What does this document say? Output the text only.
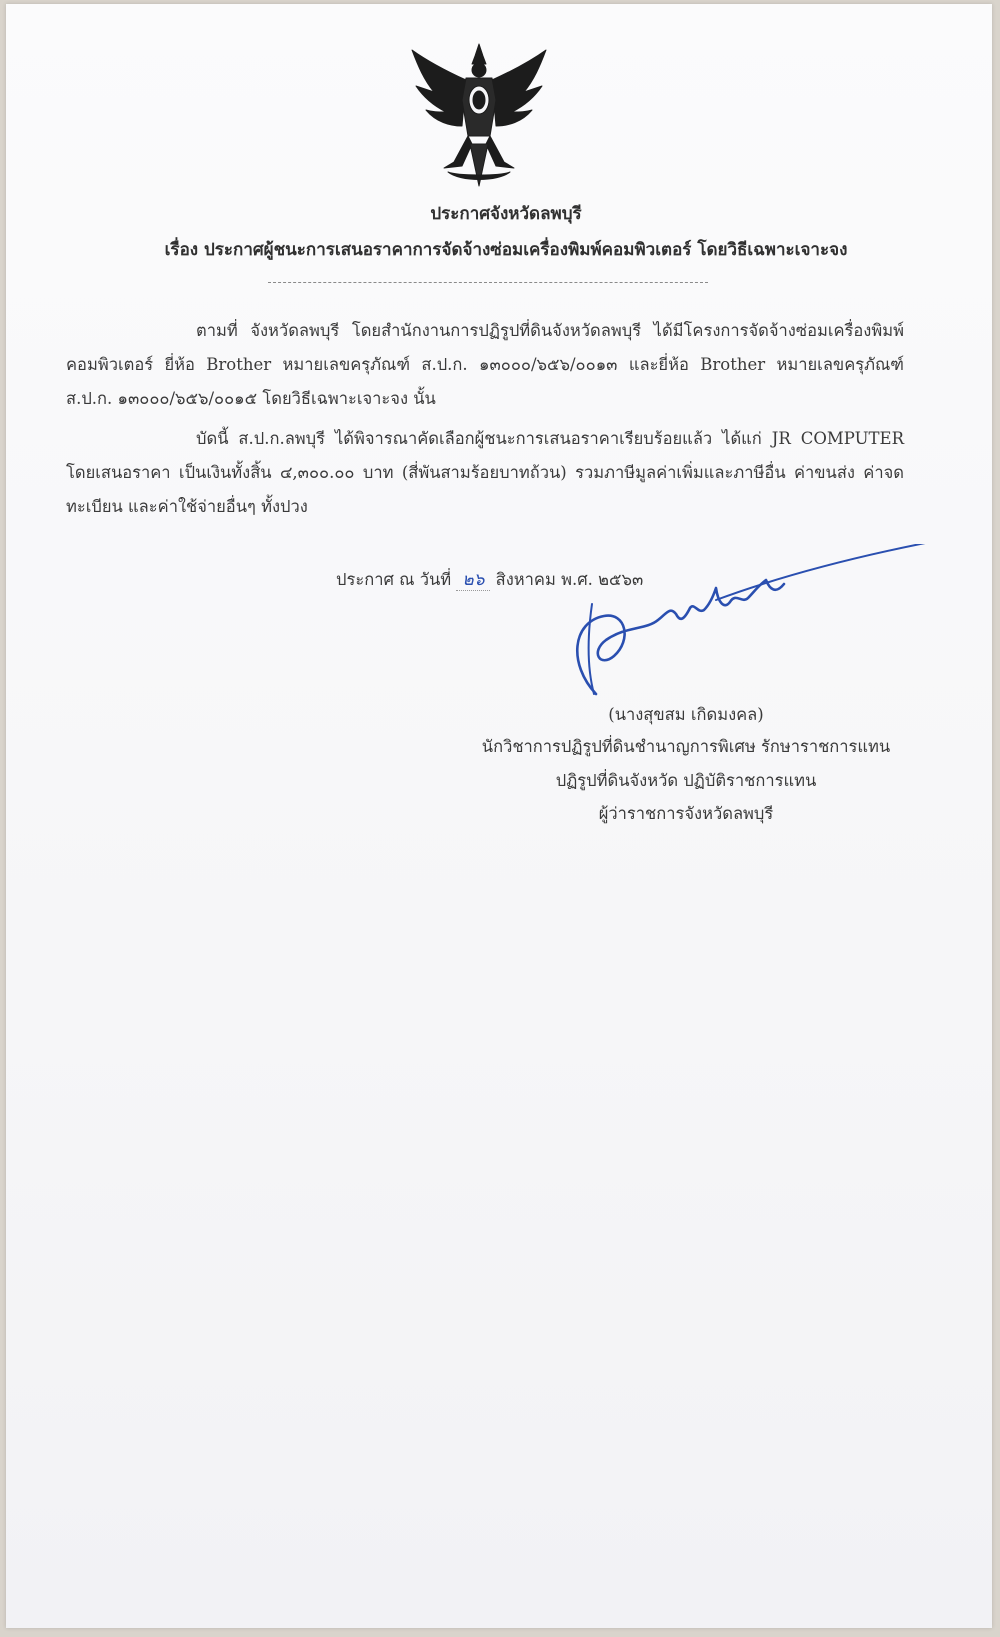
ประกาศจังหวัดลพบุรี
เรื่อง ประกาศผู้ชนะการเสนอราคาการจัดจ้างซ่อมเครื่องพิมพ์คอมพิวเตอร์ โดยวิธีเฉพาะเจาะจง

ตามที่ จังหวัดลพบุรี โดยสำนักงานการปฏิรูปที่ดินจังหวัดลพบุรี ได้มีโครงการจัดจ้างซ่อมเครื่องพิมพ์คอมพิวเตอร์ ยี่ห้อ Brother หมายเลขครุภัณฑ์ ส.ป.ก. ๑๓๐๐๐/๖๕๖/๐๐๑๓ และยี่ห้อ Brother หมายเลขครุภัณฑ์ ส.ป.ก. ๑๓๐๐๐/๖๕๖/๐๐๑๕ โดยวิธีเฉพาะเจาะจง นั้น

บัดนี้ ส.ป.ก.ลพบุรี ได้พิจารณาคัดเลือกผู้ชนะการเสนอราคาเรียบร้อยแล้ว ได้แก่ JR COMPUTER โดยเสนอราคา เป็นเงินทั้งสิ้น ๔,๓๐๐.๐๐ บาท (สี่พันสามร้อยบาทถ้วน) รวมภาษีมูลค่าเพิ่มและภาษีอื่น ค่าขนส่ง ค่าจดทะเบียน และค่าใช้จ่ายอื่นๆ ทั้งปวง

ประกาศ ณ วันที่ ๒๖ สิงหาคม พ.ศ. ๒๕๖๓
(นางสุขสม เกิดมงคล)
นักวิชาการปฏิรูปที่ดินชำนาญการพิเศษ รักษาราชการแทน
ปฏิรูปที่ดินจังหวัด ปฏิบัติราชการแทน
ผู้ว่าราชการจังหวัดลพบุรี
